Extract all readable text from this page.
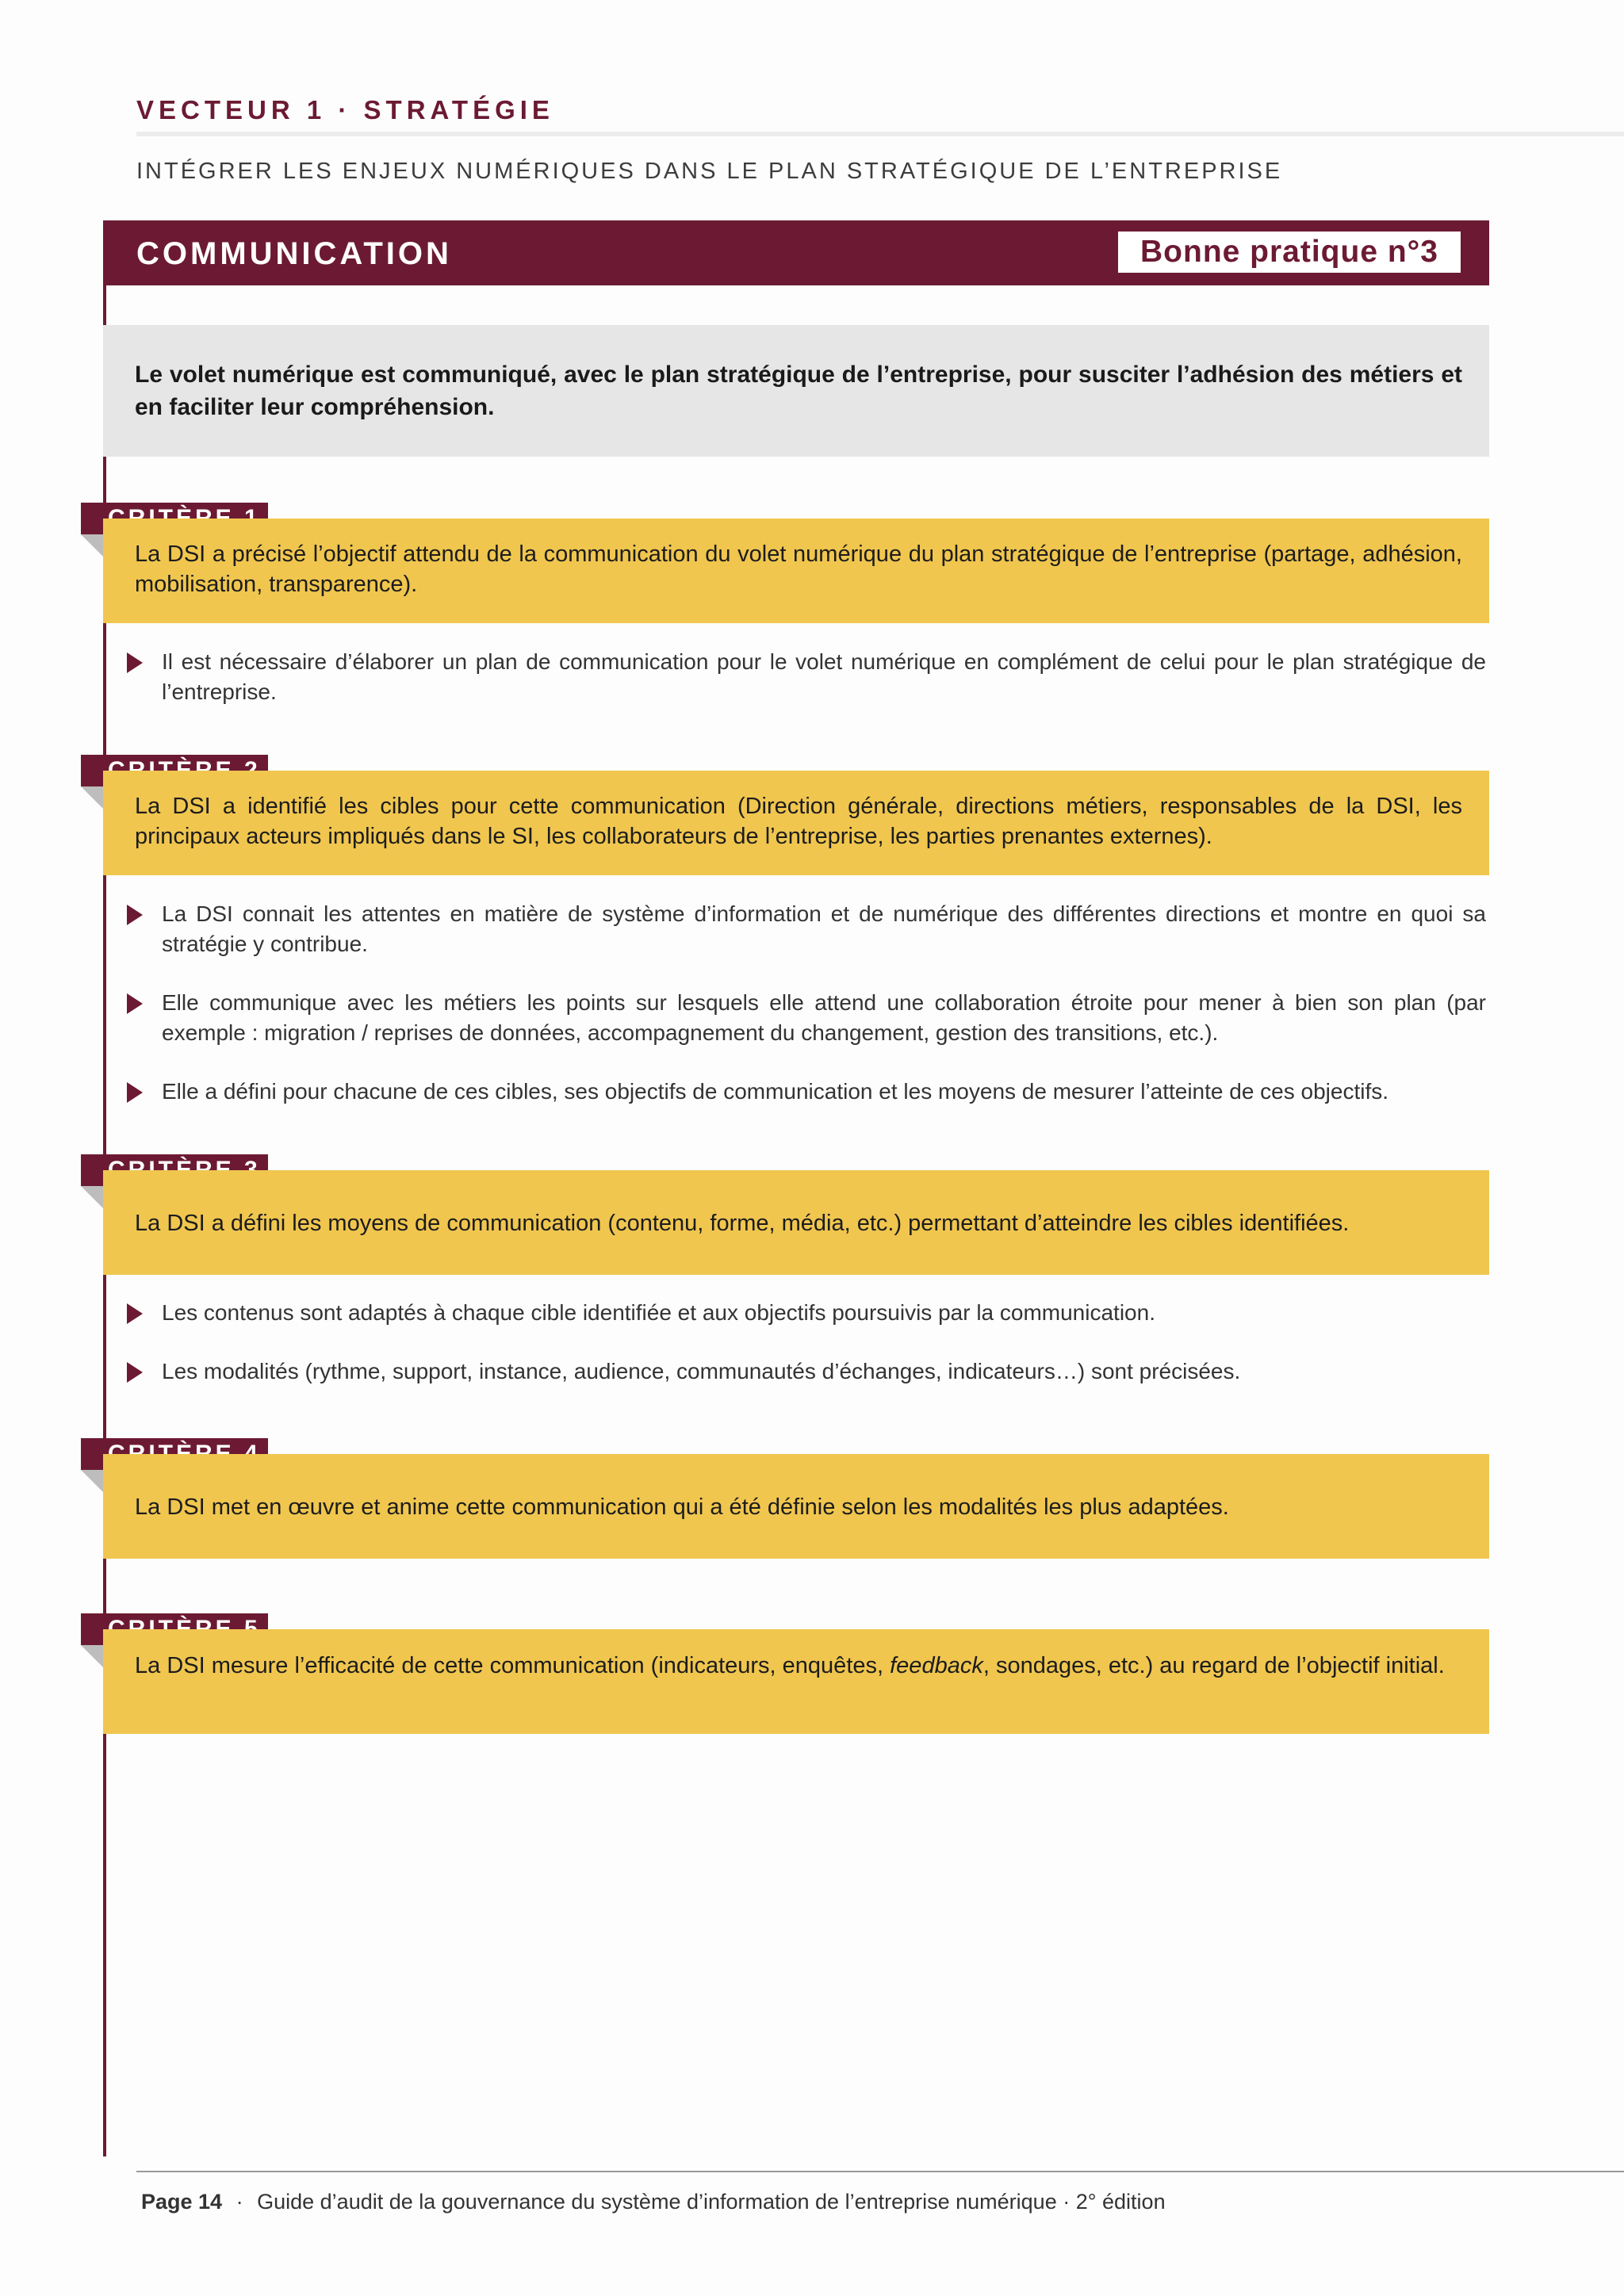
VECTEUR 1 · STRATÉGIE
INTÉGRER LES ENJEUX NUMÉRIQUES DANS LE PLAN STRATÉGIQUE DE L’ENTREPRISE
COMMUNICATION	Bonne pratique n°3
Le volet numérique est communiqué, avec le plan stratégique de l’entreprise, pour susciter l’adhésion des métiers et en faciliter leur compréhension.
La DSI a précisé l’objectif attendu de la communication du volet numérique du plan stratégique de l’entreprise (partage, adhésion, mobilisation, transparence).
Il est nécessaire d’élaborer un plan de communication pour le volet numérique en complément de celui pour le plan stratégique de l’entreprise.
La DSI a identifié les cibles pour cette communication (Direction générale, directions métiers, responsables de la DSI, les principaux acteurs impliqués dans le SI, les collaborateurs de l’entreprise, les parties prenantes externes).
La DSI connait les attentes en matière de système d’information et de numérique des différentes directions et montre en quoi sa stratégie y contribue.
Elle communique avec les métiers les points sur lesquels elle attend une collaboration étroite pour mener à bien son plan (par exemple : migration / reprises de données, accompagnement du changement, gestion des transitions, etc.).
Elle a défini pour chacune de ces cibles, ses objectifs de communication et les moyens de mesurer l’atteinte de ces objectifs.
La DSI a défini les moyens de communication (contenu, forme, média, etc.) permettant d’atteindre les cibles identifiées.
Les contenus sont adaptés à chaque cible identifiée et aux objectifs poursuivis par la communication.
Les modalités (rythme, support, instance, audience, communautés d’échanges, indicateurs…) sont précisées.
La DSI met en œuvre et anime cette communication qui a été définie selon les modalités les plus adaptées.
La DSI mesure l’efficacité de cette communication (indicateurs, enquêtes, feedback, sondages, etc.) au regard de l’objectif initial.
Page 14 · Guide d’audit de la gouvernance du système d’information de l’entreprise numérique · 2° édition
